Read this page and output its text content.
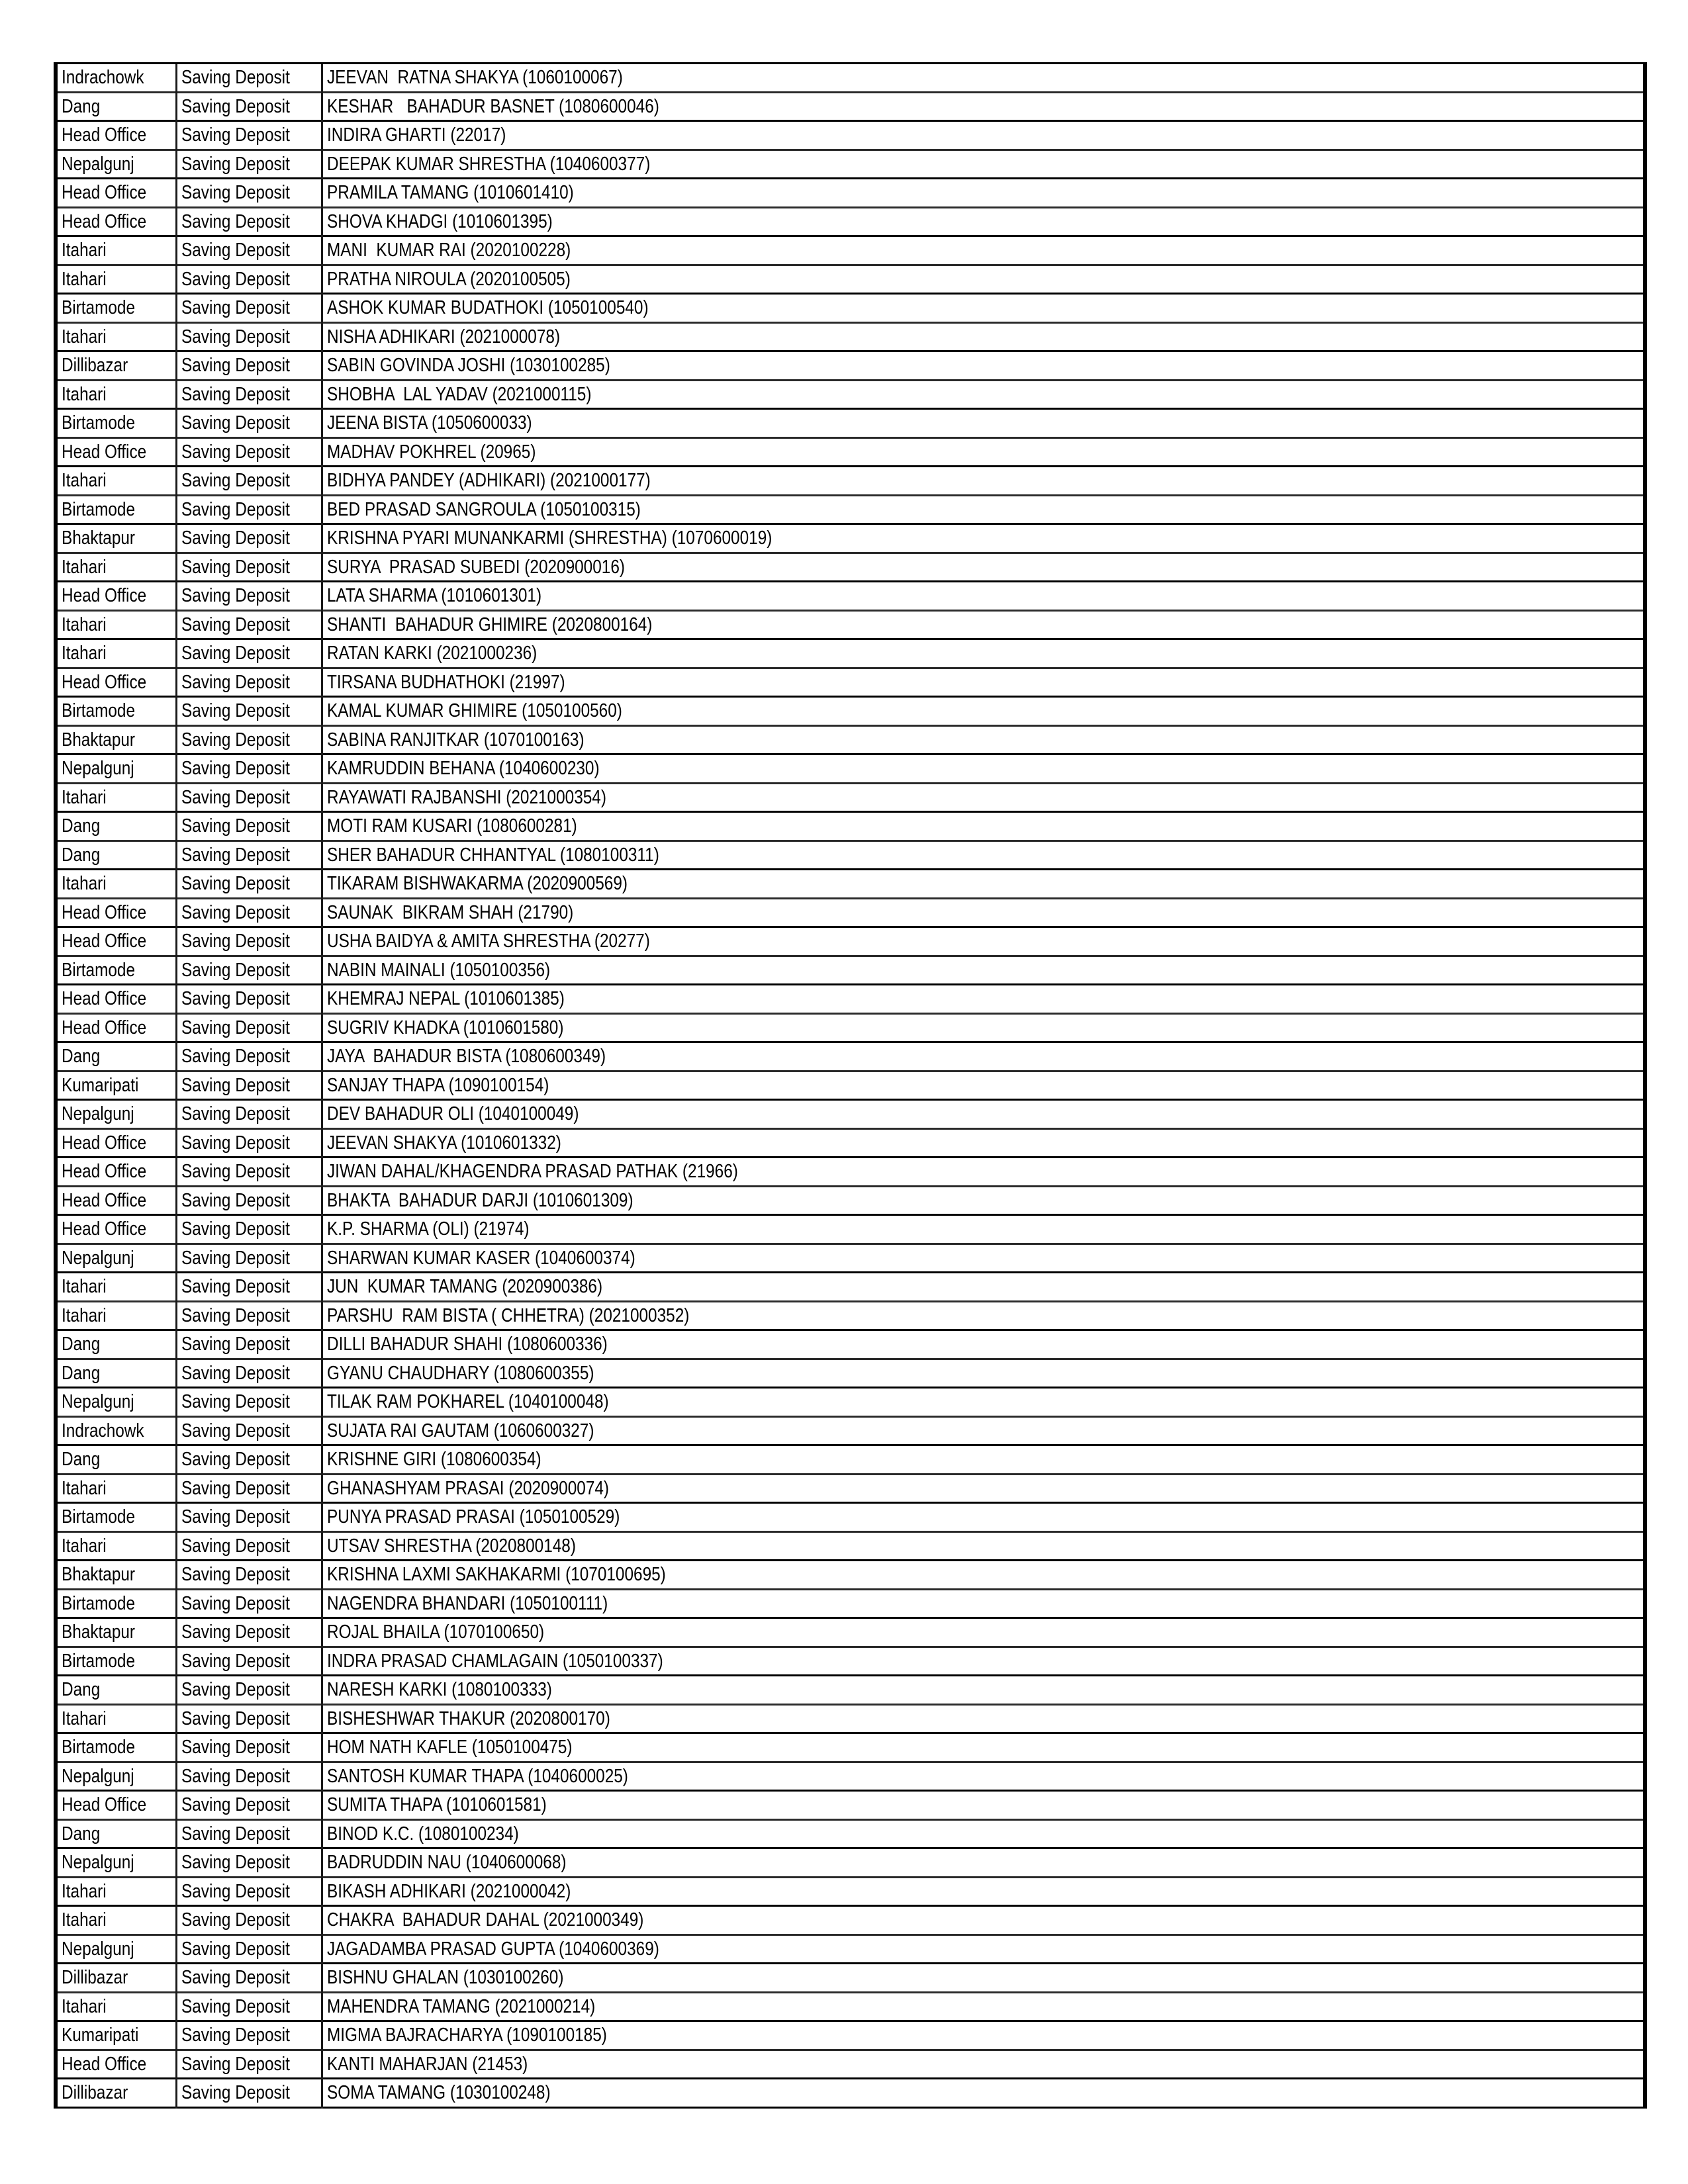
Indrachowk	Saving Deposit	JEEVAN  RATNA SHAKYA (1060100067)
Dang	Saving Deposit	KESHAR   BAHADUR BASNET (1080600046)
Head Office	Saving Deposit	INDIRA GHARTI (22017)
Nepalgunj	Saving Deposit	DEEPAK KUMAR SHRESTHA (1040600377)
Head Office	Saving Deposit	PRAMILA TAMANG (1010601410)
Head Office	Saving Deposit	SHOVA KHADGI (1010601395)
Itahari	Saving Deposit	MANI  KUMAR RAI (2020100228)
Itahari	Saving Deposit	PRATHA NIROULA (2020100505)
Birtamode	Saving Deposit	ASHOK KUMAR BUDATHOKI (1050100540)
Itahari	Saving Deposit	NISHA ADHIKARI (2021000078)
Dillibazar	Saving Deposit	SABIN GOVINDA JOSHI (1030100285)
Itahari	Saving Deposit	SHOBHA  LAL YADAV (2021000115)
Birtamode	Saving Deposit	JEENA BISTA (1050600033)
Head Office	Saving Deposit	MADHAV POKHREL (20965)
Itahari	Saving Deposit	BIDHYA PANDEY (ADHIKARI) (2021000177)
Birtamode	Saving Deposit	BED PRASAD SANGROULA (1050100315)
Bhaktapur	Saving Deposit	KRISHNA PYARI MUNANKARMI (SHRESTHA) (1070600019)
Itahari	Saving Deposit	SURYA  PRASAD SUBEDI (2020900016)
Head Office	Saving Deposit	LATA SHARMA (1010601301)
Itahari	Saving Deposit	SHANTI  BAHADUR GHIMIRE (2020800164)
Itahari	Saving Deposit	RATAN KARKI (2021000236)
Head Office	Saving Deposit	TIRSANA BUDHATHOKI (21997)
Birtamode	Saving Deposit	KAMAL KUMAR GHIMIRE (1050100560)
Bhaktapur	Saving Deposit	SABINA RANJITKAR (1070100163)
Nepalgunj	Saving Deposit	KAMRUDDIN BEHANA (1040600230)
Itahari	Saving Deposit	RAYAWATI RAJBANSHI (2021000354)
Dang	Saving Deposit	MOTI RAM KUSARI (1080600281)
Dang	Saving Deposit	SHER BAHADUR CHHANTYAL (1080100311)
Itahari	Saving Deposit	TIKARAM BISHWAKARMA (2020900569)
Head Office	Saving Deposit	SAUNAK  BIKRAM SHAH (21790)
Head Office	Saving Deposit	USHA BAIDYA & AMITA SHRESTHA (20277)
Birtamode	Saving Deposit	NABIN MAINALI (1050100356)
Head Office	Saving Deposit	KHEMRAJ NEPAL (1010601385)
Head Office	Saving Deposit	SUGRIV KHADKA (1010601580)
Dang	Saving Deposit	JAYA  BAHADUR BISTA (1080600349)
Kumaripati	Saving Deposit	SANJAY THAPA (1090100154)
Nepalgunj	Saving Deposit	DEV BAHADUR OLI (1040100049)
Head Office	Saving Deposit	JEEVAN SHAKYA (1010601332)
Head Office	Saving Deposit	JIWAN DAHAL/KHAGENDRA PRASAD PATHAK (21966)
Head Office	Saving Deposit	BHAKTA  BAHADUR DARJI (1010601309)
Head Office	Saving Deposit	K.P. SHARMA (OLI) (21974)
Nepalgunj	Saving Deposit	SHARWAN KUMAR KASER (1040600374)
Itahari	Saving Deposit	JUN  KUMAR TAMANG (2020900386)
Itahari	Saving Deposit	PARSHU  RAM BISTA ( CHHETRA) (2021000352)
Dang	Saving Deposit	DILLI BAHADUR SHAHI (1080600336)
Dang	Saving Deposit	GYANU CHAUDHARY (1080600355)
Nepalgunj	Saving Deposit	TILAK RAM POKHAREL (1040100048)
Indrachowk	Saving Deposit	SUJATA RAI GAUTAM (1060600327)
Dang	Saving Deposit	KRISHNE GIRI (1080600354)
Itahari	Saving Deposit	GHANASHYAM PRASAI (2020900074)
Birtamode	Saving Deposit	PUNYA PRASAD PRASAI (1050100529)
Itahari	Saving Deposit	UTSAV SHRESTHA (2020800148)
Bhaktapur	Saving Deposit	KRISHNA LAXMI SAKHAKARMI (1070100695)
Birtamode	Saving Deposit	NAGENDRA BHANDARI (1050100111)
Bhaktapur	Saving Deposit	ROJAL BHAILA (1070100650)
Birtamode	Saving Deposit	INDRA PRASAD CHAMLAGAIN (1050100337)
Dang	Saving Deposit	NARESH KARKI (1080100333)
Itahari	Saving Deposit	BISHESHWAR THAKUR (2020800170)
Birtamode	Saving Deposit	HOM NATH KAFLE (1050100475)
Nepalgunj	Saving Deposit	SANTOSH KUMAR THAPA (1040600025)
Head Office	Saving Deposit	SUMITA THAPA (1010601581)
Dang	Saving Deposit	BINOD K.C. (1080100234)
Nepalgunj	Saving Deposit	BADRUDDIN NAU (1040600068)
Itahari	Saving Deposit	BIKASH ADHIKARI (2021000042)
Itahari	Saving Deposit	CHAKRA  BAHADUR DAHAL (2021000349)
Nepalgunj	Saving Deposit	JAGADAMBA PRASAD GUPTA (1040600369)
Dillibazar	Saving Deposit	BISHNU GHALAN (1030100260)
Itahari	Saving Deposit	MAHENDRA TAMANG (2021000214)
Kumaripati	Saving Deposit	MIGMA BAJRACHARYA (1090100185)
Head Office	Saving Deposit	KANTI MAHARJAN (21453)
Dillibazar	Saving Deposit	SOMA TAMANG (1030100248)
